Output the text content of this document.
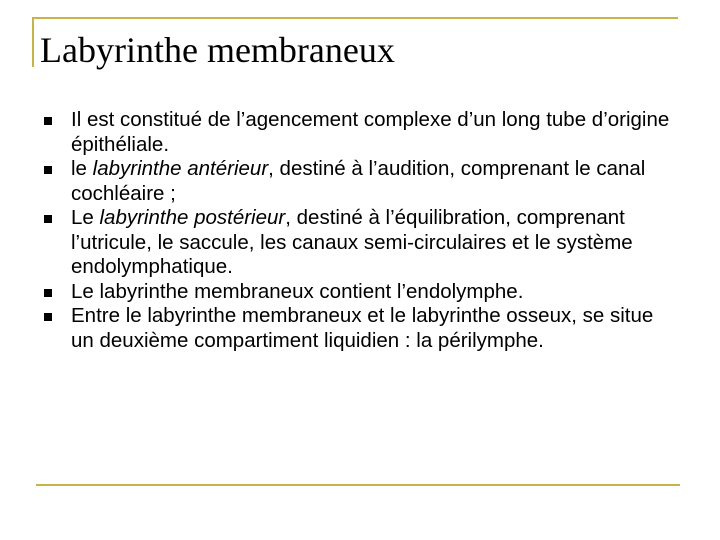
Labyrinthe membraneux
Il est constitué de l’agencement complexe d’un long tube d’origine épithéliale.
le labyrinthe antérieur, destiné à l’audition, comprenant le canal cochléaire ;
Le labyrinthe postérieur, destiné à l’équilibration, comprenant l’utricule, le saccule, les canaux semi-circulaires et le système endolymphatique.
Le labyrinthe membraneux contient l’endolymphe.
Entre le labyrinthe membraneux et le labyrinthe osseux, se situe un deuxième compartiment liquidien : la périlymphe.
